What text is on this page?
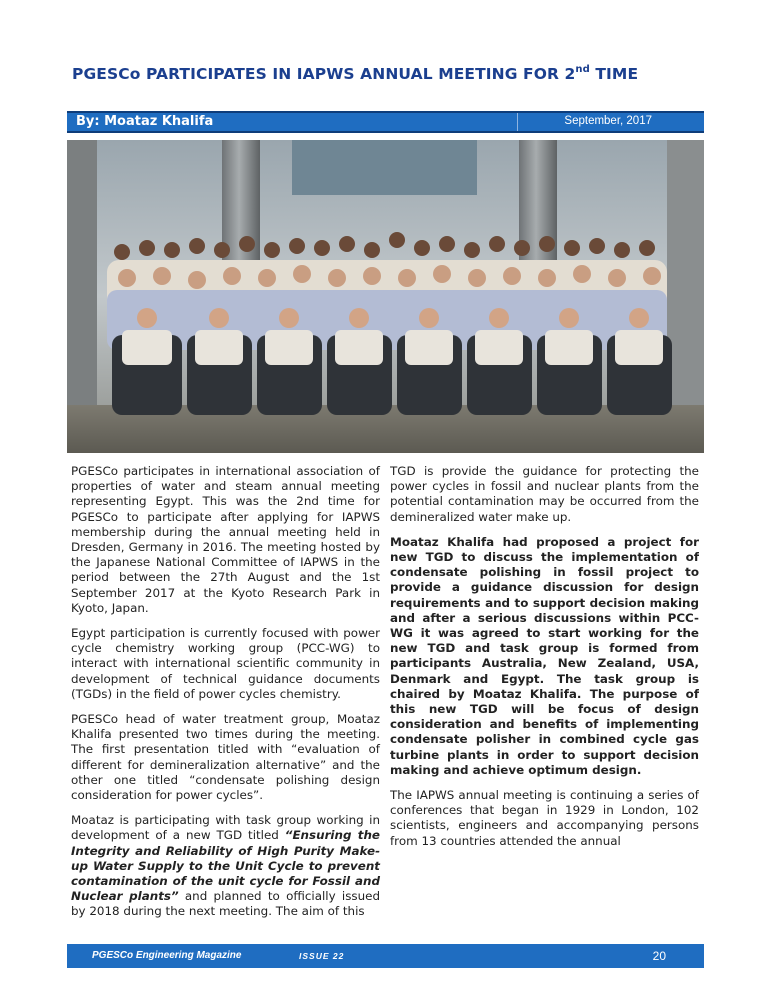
PGESCo PARTICIPATES IN IAPWS ANNUAL MEETING FOR 2nd TIME
By: Moataz Khalifa	September, 2017

PGESCo participates in international association of properties of water and steam annual meeting representing Egypt. This was the 2nd time for PGESCo to participate after applying for IAPWS membership during the annual meeting held in Dresden, Germany in 2016. The meeting hosted by the Japanese National Committee of IAPWS in the period between the 27th August and the 1st September 2017 at the Kyoto Research Park in Kyoto, Japan.

Egypt participation is currently focused with power cycle chemistry working group (PCC-WG) to interact with international scientific community in development of technical guidance documents (TGDs) in the field of power cycles chemistry.

PGESCo head of water treatment group, Moataz Khalifa presented two times during the meeting. The first presentation titled with “evaluation of different for demineralization alternative” and the other one titled “condensate polishing design consideration for power cycles”.

Moataz is participating with task group working in development of a new TGD titled “Ensuring the Integrity and Reliability of High Purity Make-up Water Supply to the Unit Cycle to prevent contamination of the unit cycle for Fossil and Nuclear plants” and planned to officially issued by 2018 during the next meeting. The aim of this

TGD is provide the guidance for protecting the power cycles in fossil and nuclear plants from the potential contamination may be occurred from the demineralized water make up.

Moataz Khalifa had proposed a project for new TGD to discuss the implementation of condensate polishing in fossil project to provide a guidance discussion for design requirements and to support decision making and after a serious discussions within PCC-WG it was agreed to start working for the new TGD and task group is formed from participants Australia, New Zealand, USA, Denmark and Egypt. The task group is chaired by Moataz Khalifa. The purpose of this new TGD will be focus of design consideration and benefits of implementing condensate polisher in combined cycle gas turbine plants in order to support decision making and achieve optimum design.

The IAPWS annual meeting is continuing a series of conferences that began in 1929 in London, 102 scientists, engineers and accompanying persons from 13 countries attended the annual

PGESCo Engineering Magazine	ISSUE 22	20
